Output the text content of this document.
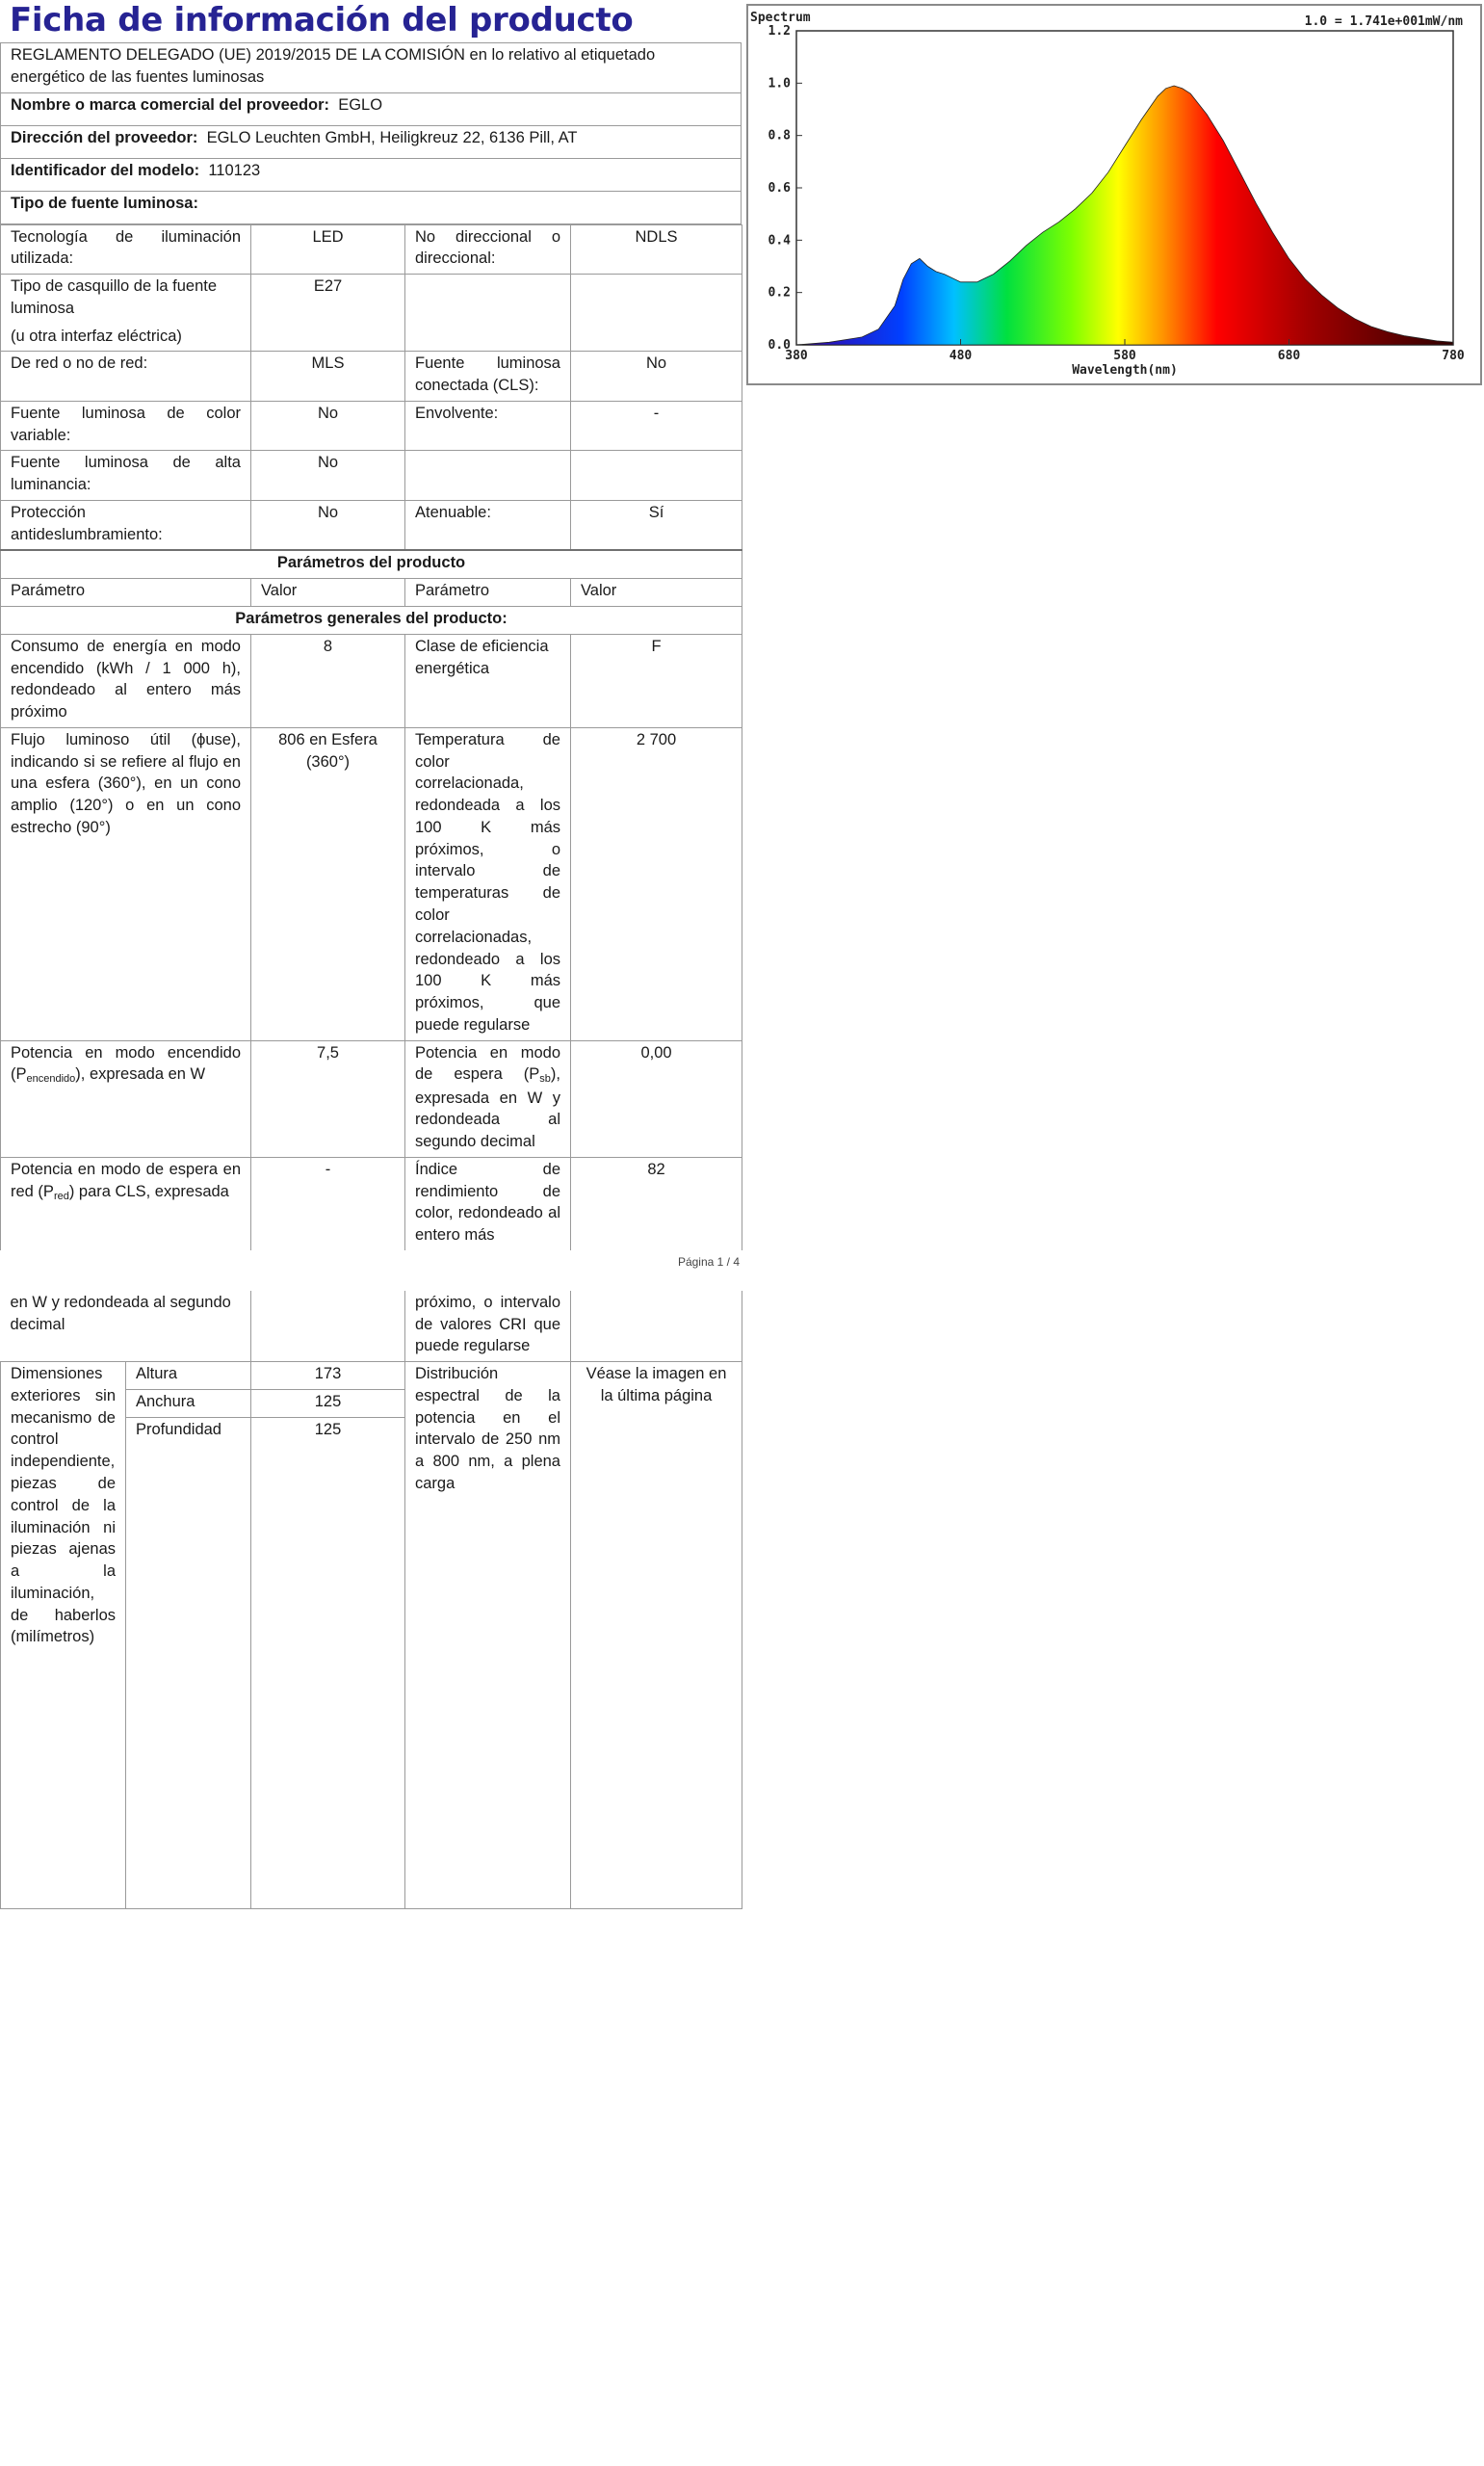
Ficha de información del producto
REGLAMENTO DELEGADO (UE) 2019/2015 DE LA COMISIÓN en lo relativo al etiquetado energético de las fuentes luminosas
Nombre o marca comercial del proveedor: EGLO
Dirección del proveedor: EGLO Leuchten GmbH, Heiligkreuz 22, 6136 Pill, AT
Identificador del modelo: 110123
Tipo de fuente luminosa:
Tecnología de iluminación utilizada:	LED	No direccional o direccional:	NDLS

Tipo de casquillo de la fuente luminosa
(u otra interfaz eléctrica)	E27		
De red o no de red:	MLS	Fuente luminosa conectada (CLS):	No
Fuente luminosa de color variable:	No	Envolvente:	-
Fuente luminosa de alta luminancia:	No		
Protección antideslumbramiento:	No	Atenuable:	Sí
Parámetros del producto			
Parámetro	Valor	Parámetro	Valor
Parámetros generales del producto:			
Consumo de energía en modo encendido (kWh / 1 000 h), redondeado al entero más próximo	8	Clase de eficiencia energética	F
Flujo luminoso útil (ϕuse), indicando si se refiere al flujo en una esfera (360°), en un cono amplio (120°) o en un cono estrecho (90°)	806 en Esfera (360°)	Temperatura de color correlacionada, redondeada a los 100 K más próximos, o intervalo de temperaturas de color correlacionadas, redondeado a los 100 K más próximos, que puede regularse	2 700
Potencia en modo encendido $(P_{encendido})$, expresada en W	7,5	Potencia en modo de espera $(P_{sb})$, expresada en W y redondeada al segundo decimal	0,00
Potencia en modo de espera en red $(P_{red})$ para CLS, expresada	-	Índice de rendimiento de color, redondeado al entero más	82
Página 1 / 4
en W y redondeada al segundo decimal			próximo, o intervalo de valores CRI que puede regularse	
Dimensiones exteriores sin mecanismo de control independiente, piezas de control de la iluminación ni piezas ajenas a la iluminación, de haberlos (milímetros)	Altura	173	Distribución espectral de la potencia en el intervalo de 250 nm a 800 nm, a plena carga	Véase la imagen en la última página
	Anchura	125		
	Profundidad	125		
0.0
0.2
0.4
0.6
0.8
1.0
1.2
380	480	580	680	780
Spectrum	1.0 = 1.741e+001mW/nm
Wavelength(nm)
